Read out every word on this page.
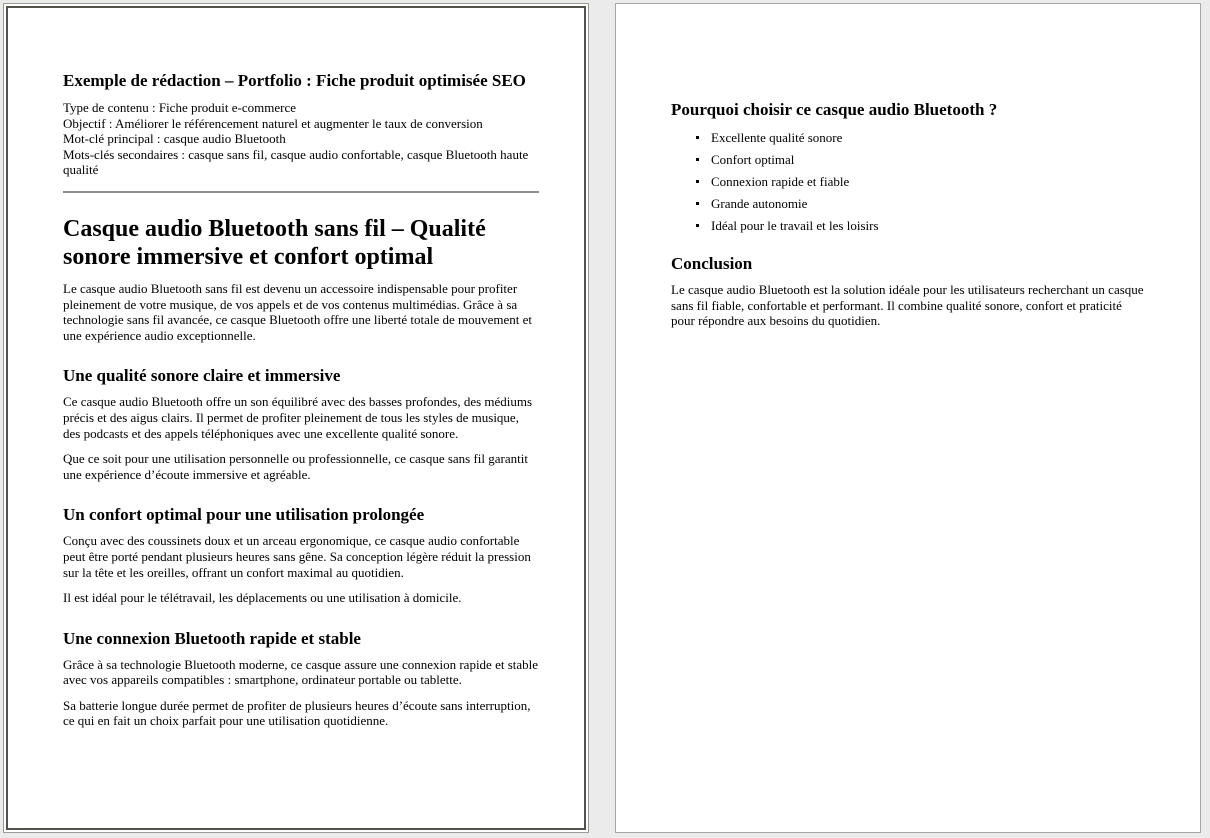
Exemple de rédaction – Portfolio : Fiche produit optimisée SEO
Type de contenu : Fiche produit e-commerce
Objectif : Améliorer le référencement naturel et augmenter le taux de conversion
Mot-clé principal : casque audio Bluetooth
Mots-clés secondaires : casque sans fil, casque audio confortable, casque Bluetooth haute qualité
Casque audio Bluetooth sans fil – Qualité sonore immersive et confort optimal

Le casque audio Bluetooth sans fil est devenu un accessoire indispensable pour profiter pleinement de votre musique, de vos appels et de vos contenus multimédias. Grâce à sa technologie sans fil avancée, ce casque Bluetooth offre une liberté totale de mouvement et une expérience audio exceptionnelle.

Une qualité sonore claire et immersive

Ce casque audio Bluetooth offre un son équilibré avec des basses profondes, des médiums précis et des aigus clairs. Il permet de profiter pleinement de tous les styles de musique, des podcasts et des appels téléphoniques avec une excellente qualité sonore.

Que ce soit pour une utilisation personnelle ou professionnelle, ce casque sans fil garantit une expérience d’écoute immersive et agréable.

Un confort optimal pour une utilisation prolongée

Conçu avec des coussinets doux et un arceau ergonomique, ce casque audio confortable peut être porté pendant plusieurs heures sans gêne. Sa conception légère réduit la pression sur la tête et les oreilles, offrant un confort maximal au quotidien.

Il est idéal pour le télétravail, les déplacements ou une utilisation à domicile.

Une connexion Bluetooth rapide et stable

Grâce à sa technologie Bluetooth moderne, ce casque assure une connexion rapide et stable avec vos appareils compatibles : smartphone, ordinateur portable ou tablette.

Sa batterie longue durée permet de profiter de plusieurs heures d’écoute sans interruption, ce qui en fait un choix parfait pour une utilisation quotidienne.

Pourquoi choisir ce casque audio Bluetooth ?
Excellente qualité sonore
Confort optimal
Connexion rapide et fiable
Grande autonomie
Idéal pour le travail et les loisirs
Conclusion

Le casque audio Bluetooth est la solution idéale pour les utilisateurs recherchant un casque sans fil fiable, confortable et performant. Il combine qualité sonore, confort et praticité pour répondre aux besoins du quotidien.
